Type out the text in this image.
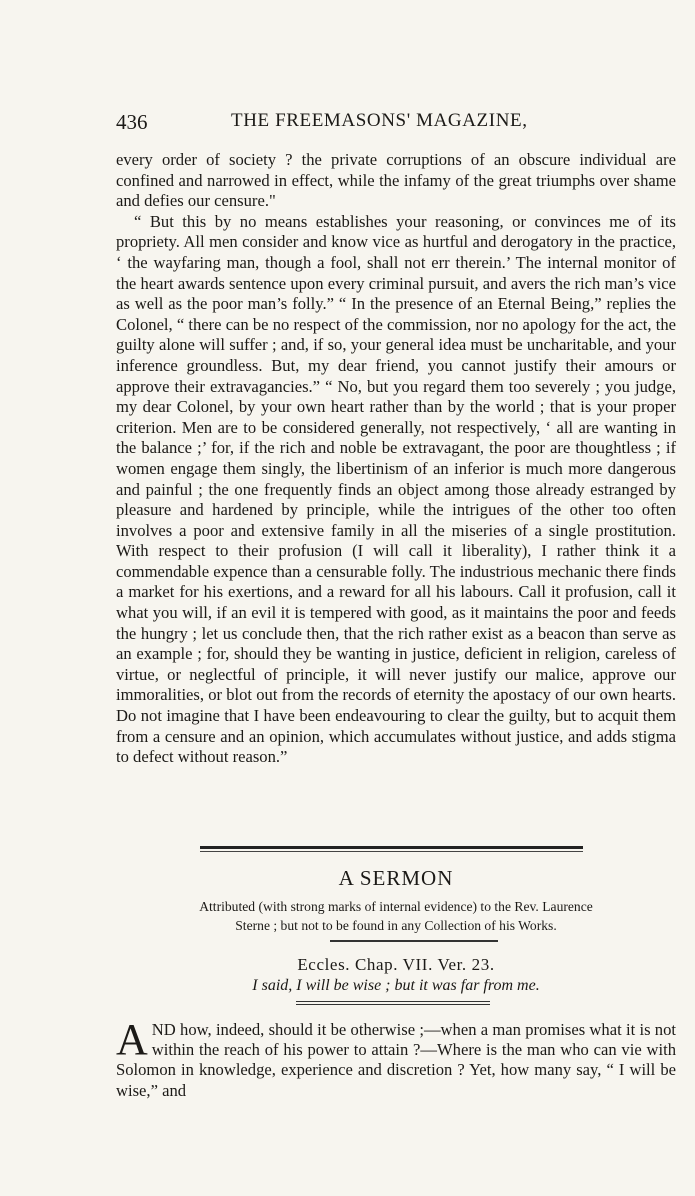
436	THE FREEMASONS' MAGAZINE,

every order of society ? the private corruptions of an obscure individual are confined and narrowed in effect, while the infamy of the great triumphs over shame and defies our censure."

“ But this by no means establishes your reasoning, or convinces me of its propriety. All men consider and know vice as hurtful and derogatory in the practice, ‘ the wayfaring man, though a fool, shall not err therein.’ The internal monitor of the heart awards sentence upon every criminal pursuit, and avers the rich man’s vice as well as the poor man’s folly.” “ In the presence of an Eternal Being,” replies the Colonel, “ there can be no respect of the commission, nor no apology for the act, the guilty alone will suffer ; and, if so, your general idea must be uncharitable, and your inference groundless. But, my dear friend, you cannot justify their amours or approve their extravagancies.” “ No, but you regard them too severely ; you judge, my dear Colonel, by your own heart rather than by the world ; that is your proper criterion. Men are to be considered generally, not respectively, ‘ all are wanting in the balance ;’ for, if the rich and noble be extravagant, the poor are thoughtless ; if women engage them singly, the libertinism of an inferior is much more dangerous and painful ; the one frequently finds an object among those already estranged by pleasure and hardened by principle, while the intrigues of the other too often involves a poor and extensive family in all the miseries of a single prostitution. With respect to their profusion (I will call it liberality), I rather think it a commendable expence than a censurable folly. The industrious mechanic there finds a market for his exertions, and a reward for all his labours. Call it profusion, call it what you will, if an evil it is tempered with good, as it maintains the poor and feeds the hungry ; let us conclude then, that the rich rather exist as a beacon than serve as an example ; for, should they be wanting in justice, deficient in religion, careless of virtue, or neglectful of principle, it will never justify our malice, approve our immoralities, or blot out from the records of eternity the apostacy of our own hearts. Do not imagine that I have been endeavouring to clear the guilty, but to acquit them from a censure and an opinion, which accumulates without justice, and adds stigma to defect without reason.”

A SERMON
Attributed (with strong marks of internal evidence) to the Rev. Laurence
Sterne ; but not to be found in any Collection of his Works.
Eccles. Chap. VII. Ver. 23.
I said, I will be wise ; but it was far from me.

AND how, indeed, should it be otherwise ;—when a man promises what it is not within the reach of his power to attain ?—Where is the man who can vie with Solomon in knowledge, experience and discretion ? Yet, how many say, “ I will be wise,” and
